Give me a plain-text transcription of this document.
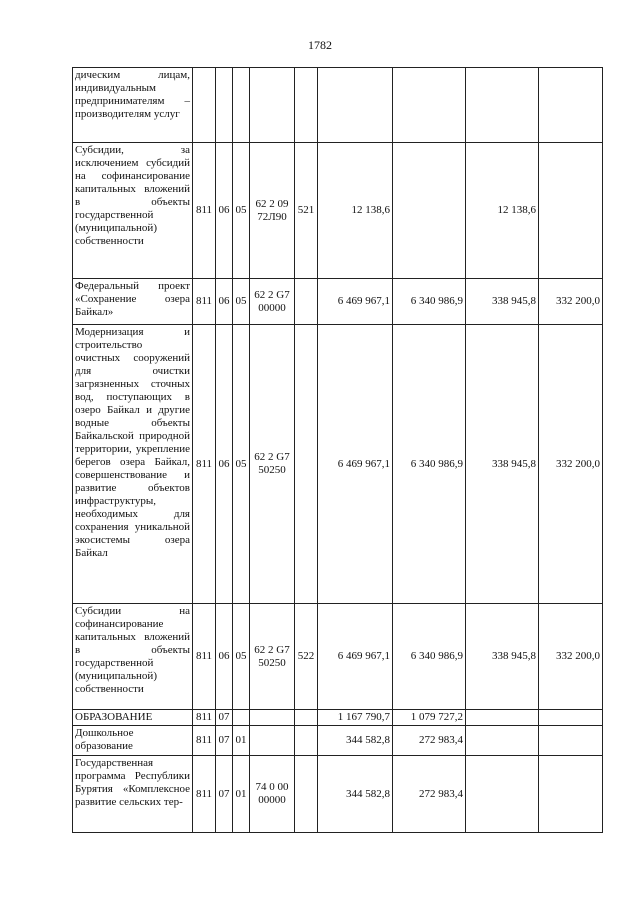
1782
дическим лицам, индивидуальным предпринимателям – производителям услуг									
Субсидии, за исключением субсидий на софинансирование капитальных вложений в объекты государственной (муниципальной) собственности	811	06	05	62 2 09 72Л90	521	12 138,6		12 138,6	
Федеральный проект «Сохранение озера Байкал»	811	06	05	62 2 G7 00000		6 469 967,1	6 340 986,9	338 945,8	332 200,0
Модернизация и строительство очистных сооружений для очистки загрязненных сточных вод, поступающих в озеро Байкал и другие водные объекты Байкальской природной территории, укрепление берегов озера Байкал, совершенствование и развитие объектов инфраструктуры, необходимых для сохранения уникальной экосистемы озера Байкал	811	06	05	62 2 G7 50250		6 469 967,1	6 340 986,9	338 945,8	332 200,0
Субсидии на софинансирование капитальных вложений в объекты государственной (муниципальной) собственности	811	06	05	62 2 G7 50250	522	6 469 967,1	6 340 986,9	338 945,8	332 200,0
ОБРАЗОВАНИЕ	811	07				1 167 790,7	1 079 727,2		
Дошкольное образование	811	07	01			344 582,8	272 983,4		
Государственная программа Республики Бурятия «Комплексное развитие сельских тер-	811	07	01	74 0 00 00000		344 582,8	272 983,4		
